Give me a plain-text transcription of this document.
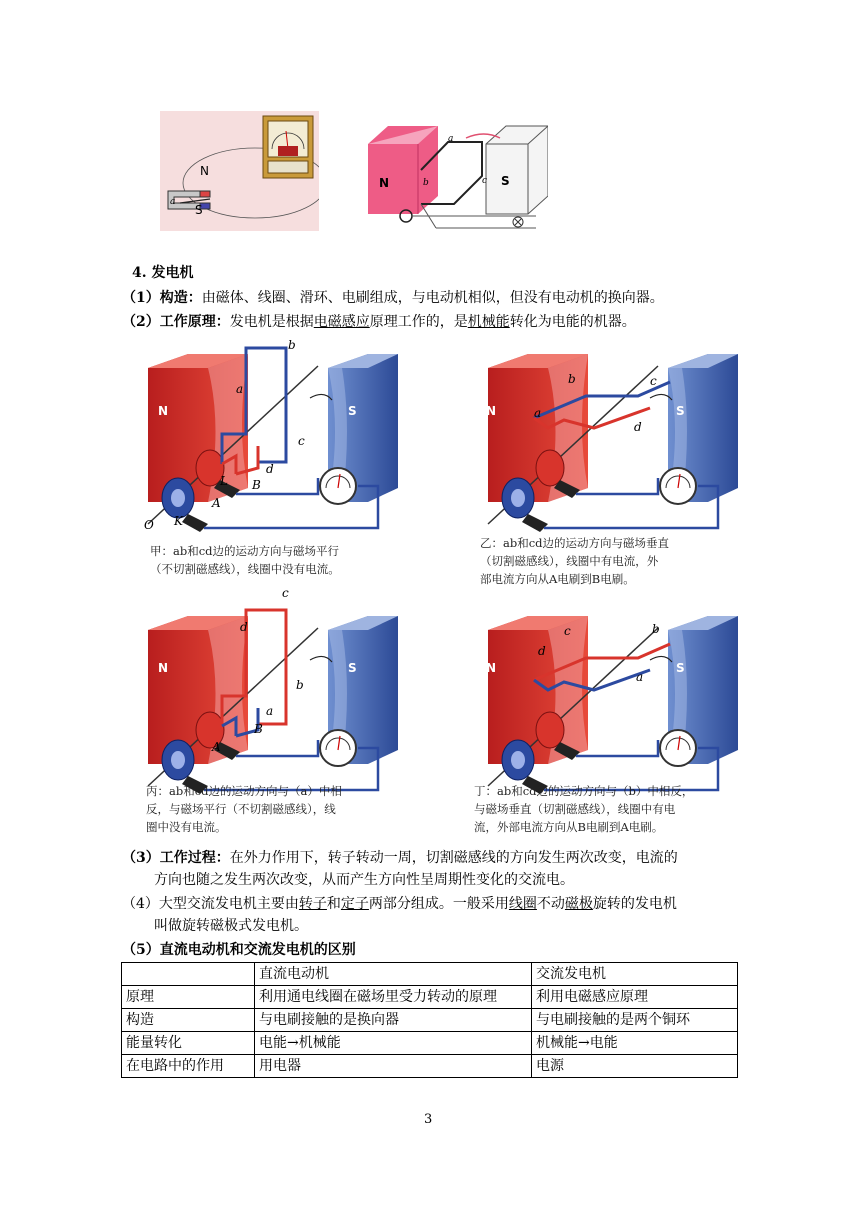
N
S
a
N	S
a
b	c
4. 发电机
（1）构造：由磁体、线圈、滑环、电刷组成，与电动机相似，但没有电动机的换向器。
（2）工作原理：发电机是根据电磁感应原理工作的，是机械能转化为电能的机器。
N	S	N	S
N	S	N	S
b
a
c
d
L B
A
K
O
b	c
a
d
c
d
b
a
B
A
c	b
d
a
甲：ab和cd边的运动方向与磁场平行
（不切割磁感线），线圈中没有电流。
乙：ab和cd边的运动方向与磁场垂直
（切割磁感线），线圈中有电流，外
部电流方向从A电刷到B电刷。
丙：ab和cd边的运动方向与（a）中相
反，与磁场平行（不切割磁感线），线
圈中没有电流。
丁：ab和cd边的运动方向与（b）中相反，
与磁场垂直（切割磁感线），线圈中有电
流，外部电流方向从B电刷到A电刷。
（3）工作过程：在外力作用下，转子转动一周，切割磁感线的方向发生两次改变，电流的
方向也随之发生两次改变，从而产生方向性呈周期性变化的交流电。
（4）大型交流发电机主要由转子和定子两部分组成。一般采用线圈不动磁极旋转的发电机
叫做旋转磁极式发电机。
（5）直流电动机和交流发电机的区别
	直流电动机	交流发电机
原理	利用通电线圈在磁场里受力转动的原理	利用电磁感应原理
构造	与电刷接触的是换向器	与电刷接触的是两个铜环
能量转化	电能→机械能	机械能→电能
在电路中的作用	用电器	电源
3
